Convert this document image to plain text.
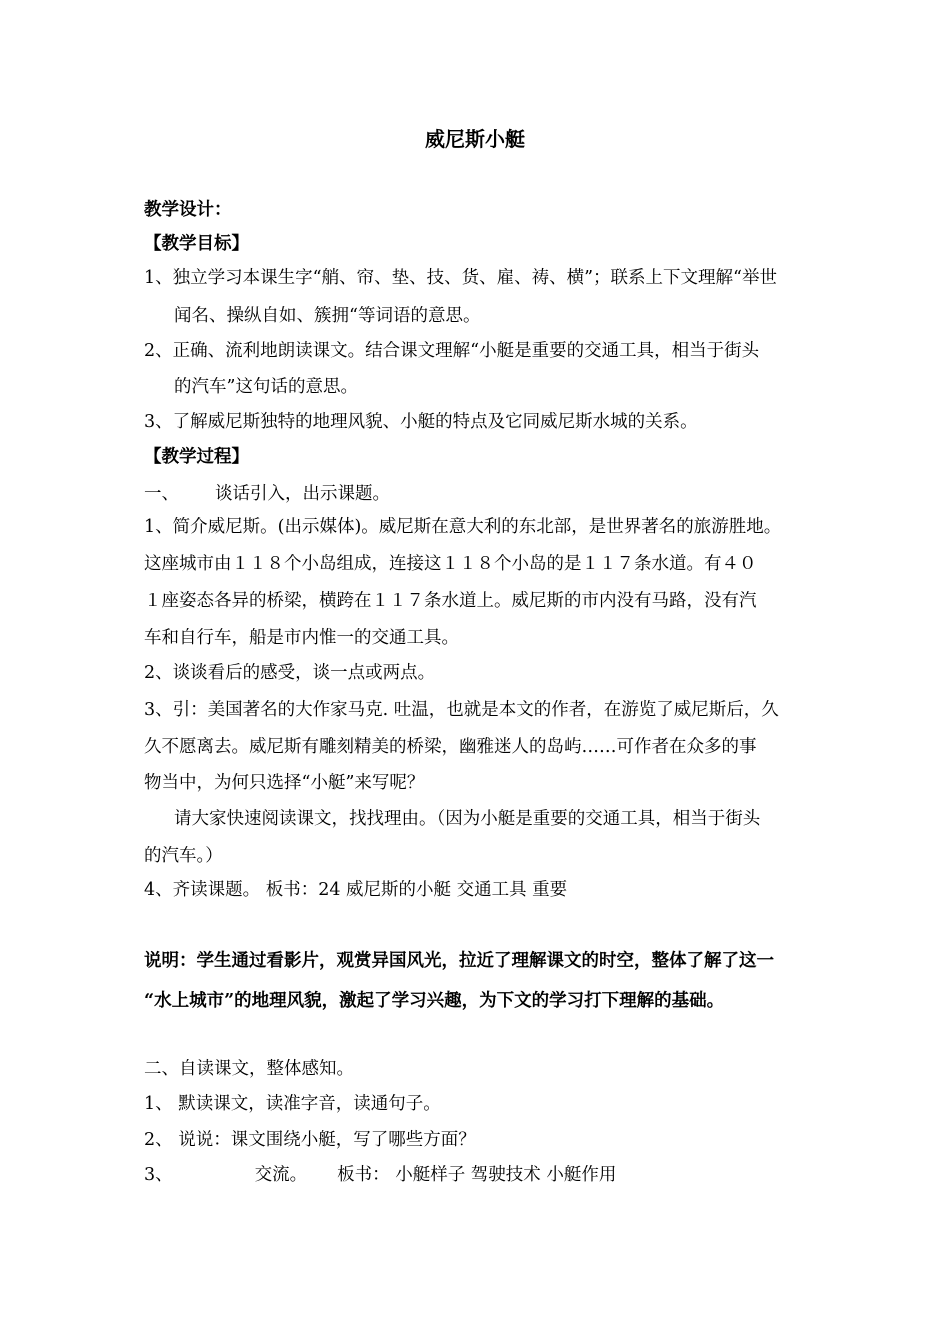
威尼斯小艇
教学设计：
【教学目标】
1、独立学习本课生字“艄、帘、垫、技、货、雇、祷、横”；联系上下文理解“举世
闻名、操纵自如、簇拥“等词语的意思。
2、正确、流利地朗读课文。结合课文理解“小艇是重要的交通工具，相当于街头
的汽车”这句话的意思。
3、了解威尼斯独特的地理风貌、小艇的特点及它同威尼斯水城的关系。
【教学过程】
一、 谈话引入，出示课题。
1、简介威尼斯。(出示媒体)。威尼斯在意大利的东北部，是世界著名的旅游胜地。
这座城市由１１８个小岛组成，连接这１１８个小岛的是１１７条水道。有４０
１座姿态各异的桥梁，横跨在１１７条水道上。威尼斯的市内没有马路，没有汽
车和自行车，船是市内惟一的交通工具。
2、谈谈看后的感受，谈一点或两点。
3、引：美国著名的大作家马克. 吐温，也就是本文的作者，在游览了威尼斯后，久
久不愿离去。威尼斯有雕刻精美的桥梁，幽雅迷人的岛屿……可作者在众多的事
物当中，为何只选择“小艇”来写呢？
请大家快速阅读课文，找找理由。（因为小艇是重要的交通工具，相当于街头
的汽车。）
4、齐读课题。 板书：24 威尼斯的小艇 交通工具 重要
说明：学生通过看影片，观赏异国风光，拉近了理解课文的时空，整体了解了这一
“水上城市”的地理风貌，激起了学习兴趣，为下文的学习打下理解的基础。
二、自读课文，整体感知。
1、 默读课文，读准字音，读通句子。
2、 说说：课文围绕小艇，写了哪些方面？
3、	交流。 板书： 小艇样子 驾驶技术 小艇作用
